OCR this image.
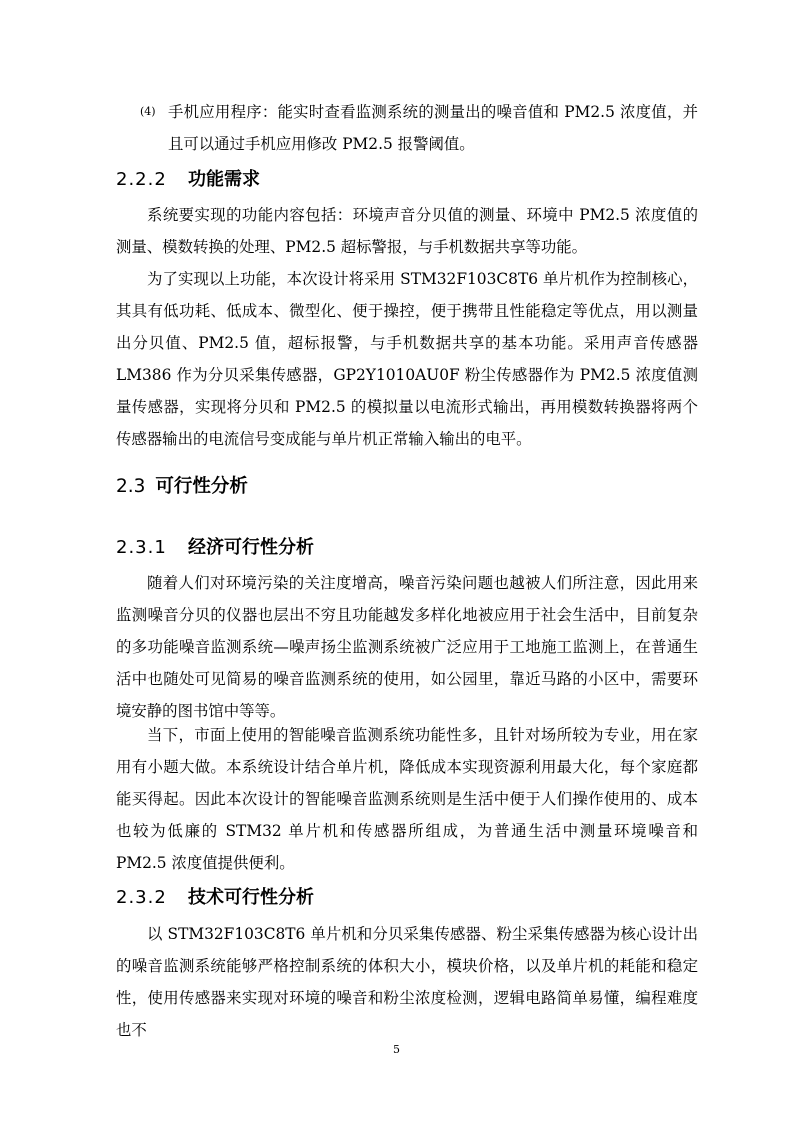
(4) 手机应用程序：能实时查看监测系统的测量出的噪音值和 PM2.5 浓度值，并且可以通过手机应用修改 PM2.5 报警阈值。
2.2.2 功能需求
系统要实现的功能内容包括：环境声音分贝值的测量、环境中 PM2.5 浓度值的测量、模数转换的处理、PM2.5 超标警报，与手机数据共享等功能。
为了实现以上功能，本次设计将采用 STM32F103C8T6 单片机作为控制核心，其具有低功耗、低成本、微型化、便于操控，便于携带且性能稳定等优点，用以测量出分贝值、PM2.5 值，超标报警，与手机数据共享的基本功能。采用声音传感器 LM386 作为分贝采集传感器，GP2Y1010AU0F 粉尘传感器作为 PM2.5 浓度值测量传感器，实现将分贝和 PM2.5 的模拟量以电流形式输出，再用模数转换器将两个传感器输出的电流信号变成能与单片机正常输入输出的电平。
2.3 可行性分析
2.3.1 经济可行性分析
随着人们对环境污染的关注度增高，噪音污染问题也越被人们所注意，因此用来监测噪音分贝的仪器也层出不穷且功能越发多样化地被应用于社会生活中，目前复杂的多功能噪音监测系统—噪声扬尘监测系统被广泛应用于工地施工监测上，在普通生活中也随处可见简易的噪音监测系统的使用，如公园里，靠近马路的小区中，需要环境安静的图书馆中等等。
当下，市面上使用的智能噪音监测系统功能性多，且针对场所较为专业，用在家用有小题大做。本系统设计结合单片机，降低成本实现资源利用最大化，每个家庭都能买得起。因此本次设计的智能噪音监测系统则是生活中便于人们操作使用的、成本也较为低廉的 STM32 单片机和传感器所组成，为普通生活中测量环境噪音和 PM2.5 浓度值提供便利。
2.3.2 技术可行性分析
以 STM32F103C8T6 单片机和分贝采集传感器、粉尘采集传感器为核心设计出的噪音监测系统能够严格控制系统的体积大小，模块价格，以及单片机的耗能和稳定性，使用传感器来实现对环境的噪音和粉尘浓度检测，逻辑电路简单易懂，编程难度也不
5
